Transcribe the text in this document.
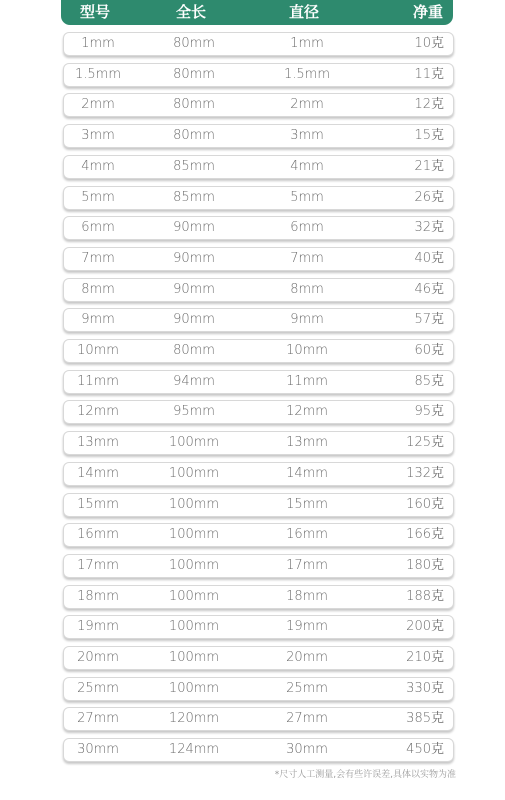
型号	全长	直径	净重
1mm	80mm	1mm	10克
1.5mm	80mm	1.5mm	11克
2mm	80mm	2mm	12克
3mm	80mm	3mm	15克
4mm	85mm	4mm	21克
5mm	85mm	5mm	26克
6mm	90mm	6mm	32克
7mm	90mm	7mm	40克
8mm	90mm	8mm	46克
9mm	90mm	9mm	57克
10mm	80mm	10mm	60克
11mm	94mm	11mm	85克
12mm	95mm	12mm	95克
13mm	100mm	13mm	125克
14mm	100mm	14mm	132克
15mm	100mm	15mm	160克
16mm	100mm	16mm	166克
17mm	100mm	17mm	180克
18mm	100mm	18mm	188克
19mm	100mm	19mm	200克
20mm	100mm	20mm	210克
25mm	100mm	25mm	330克
27mm	120mm	27mm	385克
30mm	124mm	30mm	450克
*尺寸人工测量,会有些许误差,具体以实物为准
